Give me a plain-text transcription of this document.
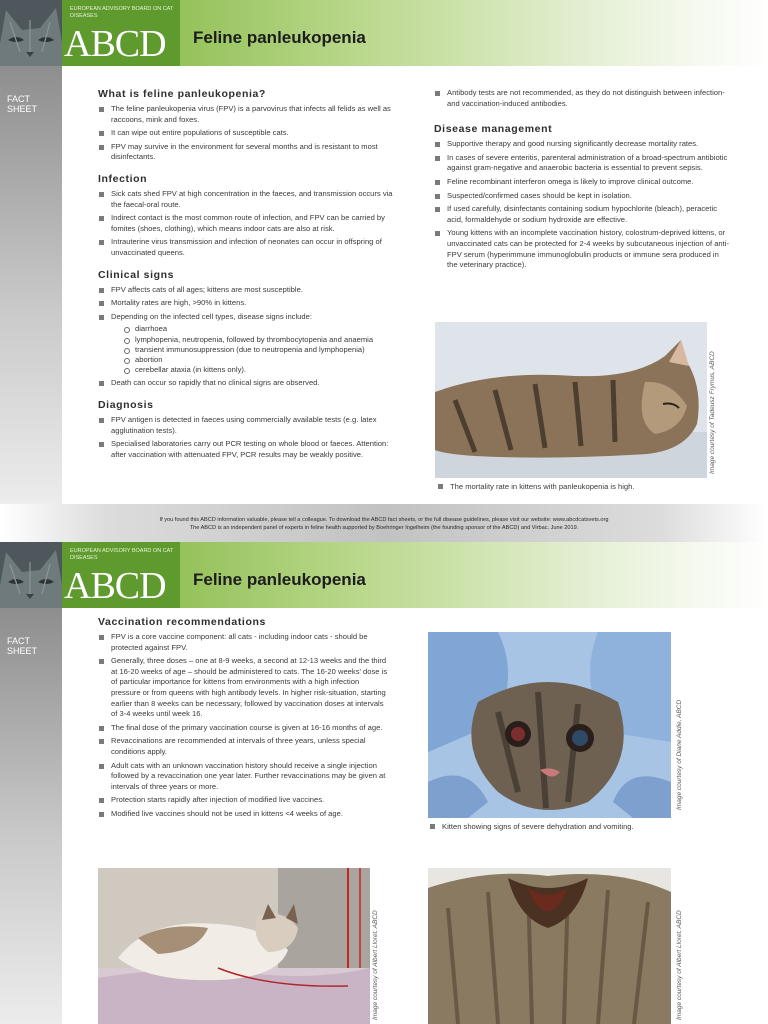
EUROPEAN ADVISORY BOARD ON CAT DISEASES
ABCD Feline panleukopenia
FACT SHEET
What is feline panleukopenia?
The feline panleukopenia virus (FPV) is a parvovirus that infects all felids as well as raccoons, mink and foxes.
It can wipe out entire populations of susceptible cats.
FPV may survive in the environment for several months and is resistant to most disinfectants.
Infection
Sick cats shed FPV at high concentration in the faeces, and transmission occurs via the faecal-oral route.
Indirect contact is the most common route of infection, and FPV can be carried by fomites (shoes, clothing), which means indoor cats are also at risk.
Intrauterine virus transmission and infection of neonates can occur in offspring of unvaccinated queens.
Clinical signs
FPV affects cats of all ages; kittens are most susceptible.
Mortality rates are high, >90% in kittens.
Depending on the infected cell types, disease signs include:
diarrhoea
lymphopenia, neutropenia, followed by thrombocytopenia and anaemia
transient immunosuppression (due to neutropenia and lymphopenia)
abortion
cerebellar ataxia (in kittens only).
Death can occur so rapidly that no clinical signs are observed.
Diagnosis
FPV antigen is detected in faeces using commercially available tests (e.g. latex agglutination tests).
Specialised laboratories carry out PCR testing on whole blood or faeces. Attention: after vaccination with attenuated FPV, PCR results may be weakly positive.
Antibody tests are not recommended, as they do not distinguish between infection- and vaccination-induced antibodies.
Disease management
Supportive therapy and good nursing significantly decrease mortality rates.
In cases of severe enteritis, parenteral administration of a broad-spectrum antibiotic against gram-negative and anaerobic bacteria is essential to prevent sepsis.
Feline recombinant interferon omega is likely to improve clinical outcome.
Suspected/confirmed cases should be kept in isolation.
If used carefully, disinfectants containing sodium hypochlorite (bleach), peracetic acid, formaldehyde or sodium hydroxide are effective.
Young kittens with an incomplete vaccination history, colostrum-deprived kittens, or unvaccinated cats can be protected for 2-4 weeks by subcutaneous injection of anti-FPV serum (hyperimmune immunoglobulin products or immune sera produced in the veterinary practice).
Image courtesy of Tadeusz Frymus, ABCD
The mortality rate in kittens with panleukopenia is high.

If you found this ABCD information valuable, please tell a colleague. To download the ABCD fact sheets, or the full disease guidelines, please visit our website: www.abcdcatsvets.org

The ABCD is an independent panel of experts in feline health supported by Boehringer Ingelheim (the founding sponsor of the ABCD) and Virbac. June 2019.

EUROPEAN ADVISORY BOARD ON CAT DISEASES
ABCD Feline panleukopenia
FACT SHEET
Vaccination recommendations
FPV is a core vaccine component: all cats - including indoor cats - should be protected against FPV.
Generally, three doses – one at 8-9 weeks, a second at 12-13 weeks and the third at 16-20 weeks of age – should be administered to cats. The 16-20 weeks' dose is of particular importance for kittens from environments with a high infection pressure or from queens with high antibody levels. In higher risk-situation, starting earlier than 8 weeks can be necessary, followed by vaccination doses at intervals of 3-4 weeks until week 16.
The final dose of the primary vaccination course is given at 16-16 months of age.
Revaccinations are recommended at intervals of three years, unless special conditions apply.
Adult cats with an unknown vaccination history should receive a single injection followed by a revaccination one year later. Further revaccinations may be given at intervals of three years or more.
Protection starts rapidly after injection of modified live vaccines.
Modified live vaccines should not be used in kittens <4 weeks of age.
Image courtesy of Diane Addie, ABCD
Kitten showing signs of severe dehydration and vomiting.
Image courtesy of Albert Lloret, ABCD	Image courtesy of Albert Lloret, ABCD
